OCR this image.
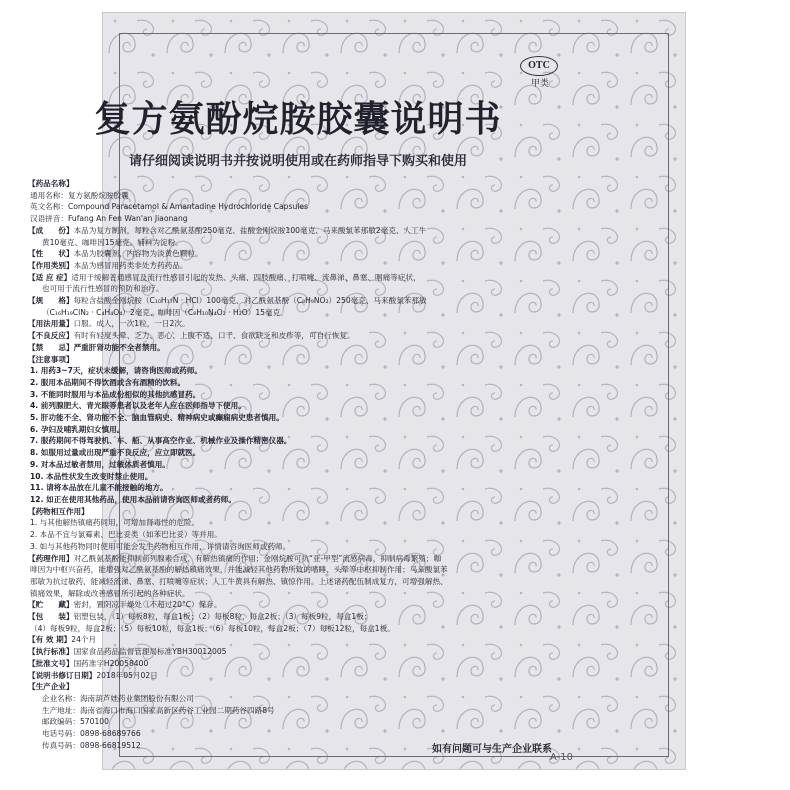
OTC
甲类
复方氨酚烷胺胶囊说明书
请仔细阅读说明书并按说明使用或在药师指导下购买和使用
【药品名称】
通用名称：复方氨酚烷胺胶囊
英文名称：Compound Paracetamol & Amantadine Hydrochloride Capsules
汉语拼音：Fufang An Fen Wan'an Jiaonang
【成　　份】本品为复方制剂，每粒含对乙酰氨基酚250毫克、盐酸金刚烷胺100毫克、马来酸氯苯那敏2毫克、人工牛
黄10毫克、咖啡因15毫克。辅料为淀粉。
【性　　状】本品为胶囊剂，内容物为淡黄色颗粒。
【作用类别】本品为感冒用药类非处方药药品。
【适 应 症】适用于缓解普通感冒及流行性感冒引起的发热、头痛、四肢酸痛、打喷嚏、流鼻涕、鼻塞、咽痛等症状，
也可用于流行性感冒的预防和治疗。
【规　　格】每粒含盐酸金刚烷胺（C₁₀H₁₇N · HCl）100毫克、对乙酰氨基酚（C₈H₉NO₂）250毫克、马来酸氯苯那敏
（C₁₆H₁₉ClN₂ · C₄H₄O₄）2毫克、咖啡因（C₈H₁₀N₄O₂ · H₂O）15毫克。
【用法用量】口服。成人，一次1粒，一日2次。
【不良反应】有时有轻度头晕、乏力、恶心、上腹不适、口干、食欲缺乏和皮疹等，可自行恢复。
【禁　　忌】严重肝肾功能不全者禁用。
【注意事项】
1. 用药3~7天，症状未缓解，请咨询医师或药师。
2. 服用本品期间不得饮酒或含有酒精的饮料。
3. 不能同时服用与本品成份相似的其他抗感冒药。
4. 前列腺肥大、青光眼等患者以及老年人应在医师指导下使用。
5. 肝功能不全、肾功能不全、脑血管病史、精神病史或癫痫病史患者慎用。
6. 孕妇及哺乳期妇女慎用。
7. 服药期间不得驾驶机、车、船、从事高空作业、机械作业及操作精密仪器。
8. 如服用过量或出现严重不良反应，应立即就医。
9. 对本品过敏者禁用，过敏体质者慎用。
10. 本品性状发生改变时禁止使用。
11. 请将本品放在儿童不能接触的地方。
12. 如正在使用其他药品，使用本品前请咨询医师或者药师。
【药物相互作用】
1. 与其他解热镇痛药同用，可增加肾毒性的危险。
2. 本品不宜与氯霉素、巴比妥类（如苯巴比妥）等并用。
3. 如与其他药物同时使用可能会发生药物相互作用，详情请咨询医师或药师。
【药理作用】对乙酰氨基酚能抑制前列腺素合成，有解热镇痛的作用；金刚烷胺可抗“亚-甲型”流感病毒，抑制病毒繁殖；咖
啡因为中枢兴奋药，能增强对乙酰氨基酚的解热镇痛效果，并能减轻其他药物所致的嗜睡、头晕等中枢抑制作用；马来酸氯苯
那敏为抗过敏药，能减轻流涕、鼻塞、打喷嚏等症状；人工牛黄具有解热、镇惊作用。上述诸药配伍制成复方，可增强解热、
镇痛效果，解除或改善感冒所引起的各种症状。
【贮　　藏】密封，置阴凉干燥处（不超过20°C）保存。
【包　　装】铝塑包装，（1）每板8粒，每盒1板；（2）每板8粒，每盒2板；（3）每板9粒，每盒1板；
（4）每板9粒，每盒2板；（5）每板10粒，每盒1板；（6）每板10粒，每盒2板；（7）每板12粒，每盒1板。
【有 效 期】24个月
【执行标准】国家食品药品监督管理局标准YBH30012005
【批准文号】国药准字H20058400
【说明书修订日期】2018年05月02日
【生产企业】
企业名称：海南葫芦娃药业集团股份有限公司
生产地址：海南省海口市海口国家高新区药谷工业园二期药谷四路8号
邮政编码：570100
电话号码：0898-68689766
传真号码：0898-66819512	如有问题可与生产企业联系
A-10
